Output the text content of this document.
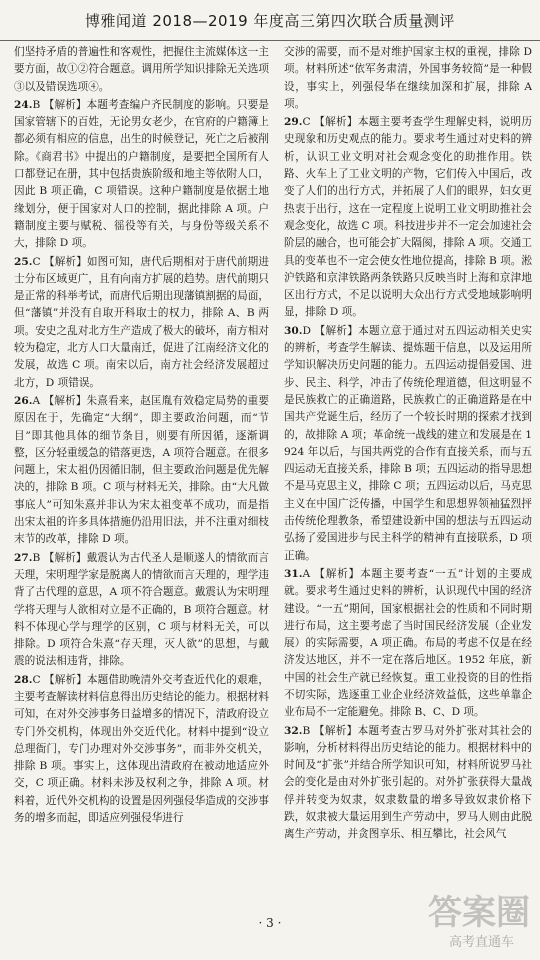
博雅闻道 2018—2019 年度高三第四次联合质量测评

们坚持矛盾的普遍性和客观性，把握住主流媒体这一主要方面，故①②符合题意。调用所学知识排除无关选项③以及错误选项④。

24.B 【解析】本题考查编户齐民制度的影响。只要是国家管辖下的百姓，无论男女老少，在官府的户籍簿上都必须有相应的信息，出生的时候登记，死亡之后被削除。《商君书》中提出的户籍制度，是要把全国所有人口都登记在册，其中包括贵族阶级和地主等依附人口，因此 B 项正确，C 项错误。这种户籍制度是依据土地缘划分，便于国家对人口的控制，据此排除 A 项。户籍制度主要与赋税、徭役等有关，与身份等级关系不大，排除 D 项。

25.C 【解析】如图可知，唐代后期相对于唐代前期进士分布区域更广，且有向南方扩展的趋势。唐代前期只是正常的科举考试，而唐代后期出现藩镇割据的局面，但“藩镇”并没有自取开科取士的权力，排除 A、B 两项。安史之乱对北方生产造成了极大的破坏，南方相对较为稳定，北方人口大量南迁，促进了江南经济文化的发展，故选 C 项。南宋以后，南方社会经济发展超过北方，D 项错误。

26.A 【解析】朱熹看来，赵匡胤有效稳定局势的重要原因在于，先确定“大纲”，即主要政治问题，而“节目”即其他具体的细节条目，则要有所因循，逐渐调整，区分轻重缓急的错落更迭，A 项符合题意。在很多问题上，宋太祖仍因循旧制，但主要政治问题是优先解决的，排除 B 项。C 项与材料无关，排除。由“大凡做事底人”可知朱熹并非认为宋太祖变革不成功，而是指出宋太祖的许多具体措施仍沿用旧法，并不注重对细枝末节的改革，排除 D 项。

27.B 【解析】戴震认为古代圣人是顺遂人的情欲而言天理，宋明理学家是脱离人的情欲而言天理的，理学违背了古代理的意思，A 项不符合题意。戴震认为宋明理学将天理与人欲相对立是不正确的，B 项符合题意。材料不体现心学与理学的区别，C 项与材料无关，可以排除。D 项符合朱熹“存天理，灭人欲”的思想，与戴震的说法相违背，排除。

28.C 【解析】本题借助晚清外交考查近代化的艰难，主要考查解读材料信息得出历史结论的能力。根据材料可知，在对外交涉事务日益增多的情况下，清政府设立专门外交机构，体现出外交近代化。材料中提到“设立总理衙门，专门办理对外交涉事务”，而非外交机关，排除 B 项。事实上，这体现出清政府在被动地适应外交，C 项正确。材料未涉及权利之争，排除 A 项。材料着，近代外交机构的设置是因列强侵华造成的交涉事务的增多而起，即适应列强侵华进行

交涉的需要，而不是对维护国家主权的重视，排除 D 项。材料所述“依军务肃清，外国事务较简”是一种假设，事实上，列强侵华在继续加深和扩展，排除 A 项。

29.C 【解析】本题主要考查学生理解史料，说明历史现象和历史观点的能力。要求考生通过对史料的辨析，认识工业文明对社会观念变化的助推作用。铁路、火车上了工业文明的产物，它们传入中国后，改变了人们的出行方式，并拓展了人们的眼界，妇女更热衷于出行，这在一定程度上说明工业文明助推社会观念变化，故选 C 项。科技进步并不一定会加速社会阶层的融合，也可能会扩大隔阂，排除 A 项。交通工具的变革也不一定会使女性地位提高，排除 B 项。淞沪铁路和京津铁路两条铁路只反映当时上海和京津地区出行方式，不足以说明大众出行方式受地域影响明显，排除 D 项。

30.D 【解析】本题立意于通过对五四运动相关史实的辨析，考查学生解读、提炼题干信息，以及运用所学知识解决历史问题的能力。五四运动提倡爱国、进步、民主、科学，冲击了传统伦理道德，但这明显不是民族救亡的正确道路，民族救亡的正确道路是在中国共产党诞生后，经历了一个较长时期的探索才找到的，故排除 A 项；革命统一战线的建立和发展是在 1924 年以后，与国共两党的合作有直接关系，而与五四运动无直接关系，排除 B 项；五四运动的指导思想不是马克思主义，排除 C 项；五四运动以后，马克思主义在中国广泛传播，中国学生和思想界领袖猛烈抨击传统伦理教条，希望建设新中国的想法与五四运动弘扬了爱国进步与民主科学的精神有直接联系，D 项正确。

31.A 【解析】本题主要考查“一五”计划的主要成就。要求考生通过史料的辨析，认识现代中国的经济建设。“一五”期间，国家根据社会的性质和不同时期进行布局，这主要考虑了当时国民经济发展（企业发展）的实际需要，A 项正确。布局的考虑不仅是在经济发达地区，并不一定在落后地区。1952 年底，新中国的社会生产就已经恢复。重工业投资的目的性指不切实际，选逐重工业企业经济效益低，这些单靠企业布局不一定能避免。排除 B、C、D 项。

32.B 【解析】本题考查古罗马对外扩张对其社会的影响，分析材料得出历史结论的能力。根据材料中的时间及“扩张”并结合所学知识可知，材料所说罗马社会的变化是由对外扩张引起的。对外扩张获得大量战俘并转变为奴隶，奴隶数量的增多导致奴隶价格下跌，奴隶被大量运用到生产劳动中，罗马人则由此脱离生产劳动，并贪图享乐、相互攀比，社会风气

· 3 ·	答案圈
高考直通车
